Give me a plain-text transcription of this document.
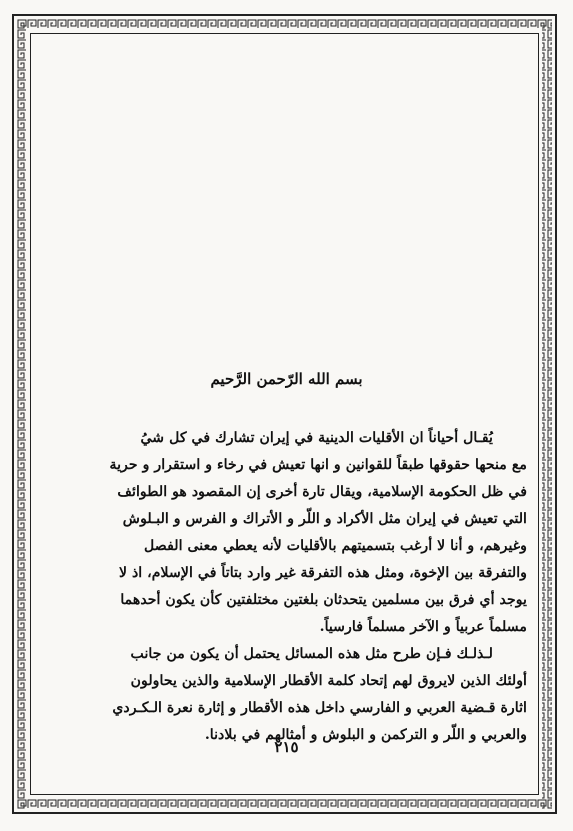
بسم الله الرّحمن الرَّحيم

يُقـال أحياناً ان الأقليات الدينية في إيران تشارك في كل شيُ
مع منحها حقوقها طبقاً للقوانين و انها تعيش في رخاء و استقرار و حرية
في ظل الحكومة الإسلامية، ويقال تارة أخرى إن المقصود هو الطوائف
التي تعيش في إيران مثل الأكراد و اللّر و الأتراك و الفرس و البـلوش
وغيرهم، و أنا لا أرغب بتسميتهم بالأقليات لأنه يعطي معنى الفصل
والتفرقة بين الإخوة، ومثل هذه التفرقة غير وارد بتاتاً في الإسلام، اذ لا
يوجد أي فرق بين مسلمين يتحدثان بلغتين مختلفتين كأن يكون أحدهما
مسلماً عربياً و الآخر مسلماً فارسياً.

لـذلـك فـإن طرح مثل هذه المسائل يحتمل أن يكون من جانب
أولئك الذين لايروق لهم إتحاد كلمة الأقطار الإسلامية والذين يحاولون
اثارة قـضية العربي و الفارسي داخل هذه الأقطار و إثارة نعرة الـكـردي
والعربي و اللّر و التركمن و البلوش و أمثالهم في بلادنا.

٢١٥
